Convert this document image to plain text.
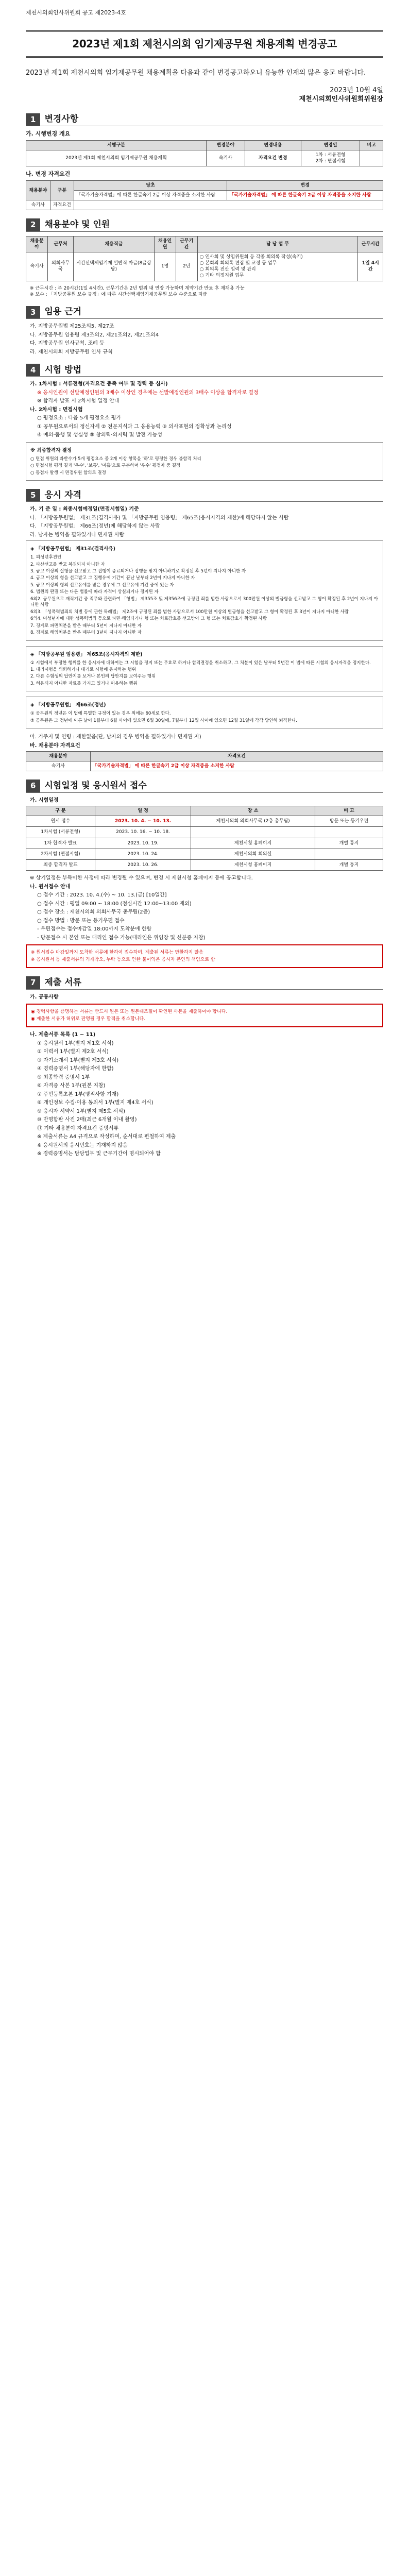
제천시의회인사위원회 공고 제2023-4호
2023년 제1회 제천시의회 임기제공무원 채용계획 변경공고
2023년 제1회 제천시의회 임기제공무원 채용계획을 다음과 같이 변경공고하오니 유능한 인재의 많은 응모 바랍니다.
2023년 10월 4일
제천시의회인사위원회위원장
1	변경사항
가. 시행변경 개요
시행구분	변경분야	변경내용	변경일	비고
2023년 제1회 제천시의회 임기제공무원 채용계획	속기사	자격요건 변경	1차 : 서류전형
2차 : 면접시험	
나. 변경 자격요건
채용분야	구분	당초	변경
		「국가기술자격법」에 따른 한글속기 2급 이상 자격증을 소지한 사람	「국가기술자격법」 에 따른 한글속기 2급 이상 자격증을 소지한 사람
속기사	자격요건		
2	채용분야 및 인원
채용분야	근무처	채용직급	채용인원	근무기간	담 당 업 무	근무시간
속기사	의회사무국	시간선택제임기제 일반직 마급(8급상당)	1명	2년	○ 인사회 및 상임위원회 등 각종 회의록 작성(속기)
○ 본회의 회의록 편집 및 교정 등 업무
○ 회의록 전산 입력 및 관리
○ 기타 의정지원 업무	1일 4시간
※ 근무시간 : 주 20시간(1일 4시간), 근무기간은 2년 범위 내 연장 가능하며 계약기간 만료 후 재채용 가능
※ 보수 : 「지방공무원 보수 규정」에 따른 시간선택제임기제공무원 보수 수준으로 지급
3	임용 근거
가. 지방공무원법 제25조의5, 제27조
나. 지방공무원 임용령 제3조의2, 제21조의2, 제21조의4
다. 지방공무원 인사규칙, 조례 등
라. 제천시의회 지방공무원 인사 규칙
4	시험 방법
가. 1차시험 : 서류전형(자격요건 충족 여부 및 경력 등 심사)
※ 응시인원이 선발예정인원의 3배수 이상인 경우에는 선발예정인원의 3배수 이상을 합격자로 결정
※ 합격자 발표 시 2차시험 일정 안내
나. 2차시험 : 면접시험
○ 평정요소 : 다음 5개 평정요소 평가
① 공무원으로서의 정신자세 ② 전문지식과 그 응용능력 ③ 의사표현의 정확성과 논리성
④ 예의·품행 및 성실성 ⑤ 창의력·의지력 및 발전 가능성
※ 최종합격자 결정

○ 면접 위원의 과반수가 5개 평정요소 중 2개 이상 항목을 '하'로 평정한 경우 불합격 처리

○ 면접시험 평정 결과 '우수', '보통', '미흡'으로 구분하며 '우수' 평정자 중 결정

○ 동점자 발생 시 면접위원 합의로 결정

5	응시 자격
가. 기 준 일 : 최종시험예정일(면접시험일) 기준
나. 「지방공무원법」 제31조(결격사유) 및 「지방공무원 임용령」 제65조(응시자격의 제한)에 해당하지 않는 사람
다. 「지방공무원법」 제66조(정년)에 해당하지 않는 사람
라. 남자는 병역을 필하였거나 면제된 사람
◈ 「지방공무원법」 제31조(결격사유)

1. 피성년후견인

2. 파산선고를 받고 복권되지 아니한 자

3. 금고 이상의 실형을 선고받고 그 집행이 종료되거나 집행을 받지 아니하기로 확정된 후 5년이 지나지 아니한 자

4. 금고 이상의 형을 선고받고 그 집행유예 기간이 끝난 날부터 2년이 지나지 아니한 자

5. 금고 이상의 형의 선고유예를 받은 경우에 그 선고유예 기간 중에 있는 자

6. 법원의 판결 또는 다른 법률에 따라 자격이 상실되거나 정지된 자

6의2. 공무원으로 재직기간 중 직무와 관련하여 「형법」 제355조 및 제356조에 규정된 죄를 범한 사람으로서 300만원 이상의 벌금형을 선고받고 그 형이 확정된 후 2년이 지나지 아니한 사람

6의3. 「성폭력범죄의 처벌 등에 관한 특례법」 제2조에 규정된 죄를 범한 사람으로서 100만원 이상의 벌금형을 선고받고 그 형이 확정된 후 3년이 지나지 아니한 사람

6의4. 미성년자에 대한 성폭력범죄 등으로 파면·해임되거나 형 또는 치료감호를 선고받아 그 형 또는 치료감호가 확정된 사람

7. 징계로 파면처분을 받은 때부터 5년이 지나지 아니한 자

8. 징계로 해임처분을 받은 때부터 3년이 지나지 아니한 자

◈ 「지방공무원 임용령」 제65조(응시자격의 제한)

① 시험에서 부정한 행위를 한 응시자에 대하여는 그 시험을 정지 또는 무효로 하거나 합격결정을 취소하고, 그 처분이 있은 날부터 5년간 이 법에 따른 시험의 응시자격을 정지한다.

1. 대리시험을 의뢰하거나 대리로 시험에 응시하는 행위

2. 다른 수험생의 답안지를 보거나 본인의 답안지를 보여주는 행위

3. 허용되지 아니한 자료를 가지고 있거나 이용하는 행위

◈ 「지방공무원법」 제66조(정년)

① 공무원의 정년은 이 법에 특별한 규정이 있는 경우 외에는 60세로 한다.

② 공무원은 그 정년에 이른 날이 1월부터 6월 사이에 있으면 6월 30일에, 7월부터 12월 사이에 있으면 12월 31일에 각각 당연히 퇴직한다.

마. 거주지 및 연령 : 제한없음(단, 남자의 경우 병역을 필하였거나 면제된 자)
바. 채용분야 자격요건
채용분야	자격요건
속기사	「국가기술자격법」 에 따른 한글속기 2급 이상 자격증을 소지한 사람
6	시험일정 및 응시원서 접수
가. 시험일정
구 분	일 정	장 소	비 고
원서 접수	2023. 10. 4. ~ 10. 13.	제천시의회 의회사무국 (2층 총무팀)	방문 또는 등기우편
1차시험 (서류전형)	2023. 10. 16. ~ 10. 18.		
1차 합격자 발표	2023. 10. 19.	제천시청 홈페이지	개별 통지
2차시험 (면접시험)	2023. 10. 24.	제천시의회 회의실	
최종 합격자 발표	2023. 10. 26.	제천시청 홈페이지	개별 통지
※ 상기일정은 부득이한 사정에 따라 변경될 수 있으며, 변경 시 제천시청 홈페이지 등에 공고합니다.
나. 원서접수 안내
○ 접수 기간 : 2023. 10. 4.(수) ~ 10. 13.(금) [10일간]
○ 접수 시간 : 평일 09:00 ~ 18:00 (점심시간 12:00~13:00 제외)
○ 접수 장소 : 제천시의회 의회사무국 총무팀(2층)
○ 접수 방법 : 방문 또는 등기우편 접수
- 우편접수는 접수마감일 18:00까지 도착분에 한함
- 방문접수 시 본인 또는 대리인 접수 가능(대리인은 위임장 및 신분증 지참)

※ 원서접수 마감일까지 도착한 서류에 한하여 접수하며, 제출된 서류는 반환하지 않음

※ 응시원서 등 제출서류의 기재착오, 누락 등으로 인한 불이익은 응시자 본인의 책임으로 함

7	제출 서류
가. 공통사항

◉ 경력사항을 증명하는 서류는 반드시 원본 또는 원본대조필이 확인된 사본을 제출하여야 합니다.

◉ 제출한 서류가 허위로 판명될 경우 합격을 취소합니다.

나. 제출서류 목록 (1 ~ 11)
① 응시원서 1부(별지 제1호 서식)
② 이력서 1부(별지 제2호 서식)
③ 자기소개서 1부(별지 제3호 서식)
④ 경력증명서 1부(해당자에 한함)
⑤ 최종학력 증명서 1부
⑥ 자격증 사본 1부(원본 지참)
⑦ 주민등록초본 1부(병적사항 기재)
⑧ 개인정보 수집·이용 동의서 1부(별지 제4호 서식)
⑨ 응시자 서약서 1부(별지 제5호 서식)
⑩ 반명함판 사진 2매(최근 6개월 이내 촬영)
⑪ 기타 채용분야 자격요건 증빙서류
※ 제출서류는 A4 규격으로 작성하며, 순서대로 편철하여 제출
※ 응시원서의 응시번호는 기재하지 않음
※ 경력증명서는 담당업무 및 근무기간이 명시되어야 함
